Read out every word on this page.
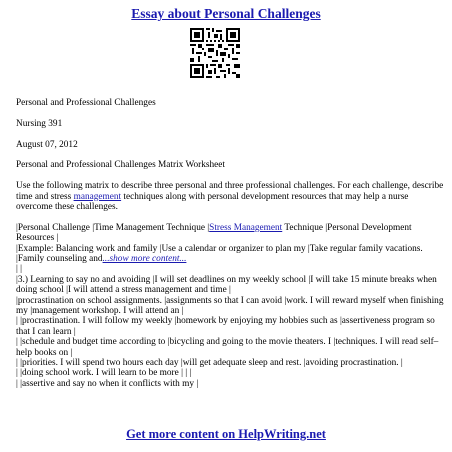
Essay about Personal Challenges

Personal and Professional Challenges

Nursing 391

August 07, 2012

Personal and Professional Challenges Matrix Worksheet

Use the following matrix to describe three personal and three professional challenges. For each challenge, describe time and stress management techniques along with personal development resources that may help a nurse overcome these challenges.

|Personal Challenge |Time Management Technique |Stress Management Technique |Personal Development Resources |

|Example: Balancing work and family |Use a calendar or organizer to plan my |Take regular family vacations. |Family counseling and...show more content...

| |

|3.) Learning to say no and avoiding |I will set deadlines on my weekly school |I will take 15 minute breaks when doing school |I will attend a stress management and time |

|procrastination on school assignments. |assignments so that I can avoid |work. I will reward myself when finishing my |management workshop. I will attend an |

| |procrastination. I will follow my weekly |homework by enjoying my hobbies such as |assertiveness program so that I can learn |

| |schedule and budget time according to |bicycling and going to the movie theaters. I |techniques. I will read self–help books on |

| |priorities. I will spend two hours each day |will get adequate sleep and rest. |avoiding procrastination. |

| |doing school work. I will learn to be more | | |

| |assertive and say no when it conflicts with my |

Get more content on HelpWriting.net
